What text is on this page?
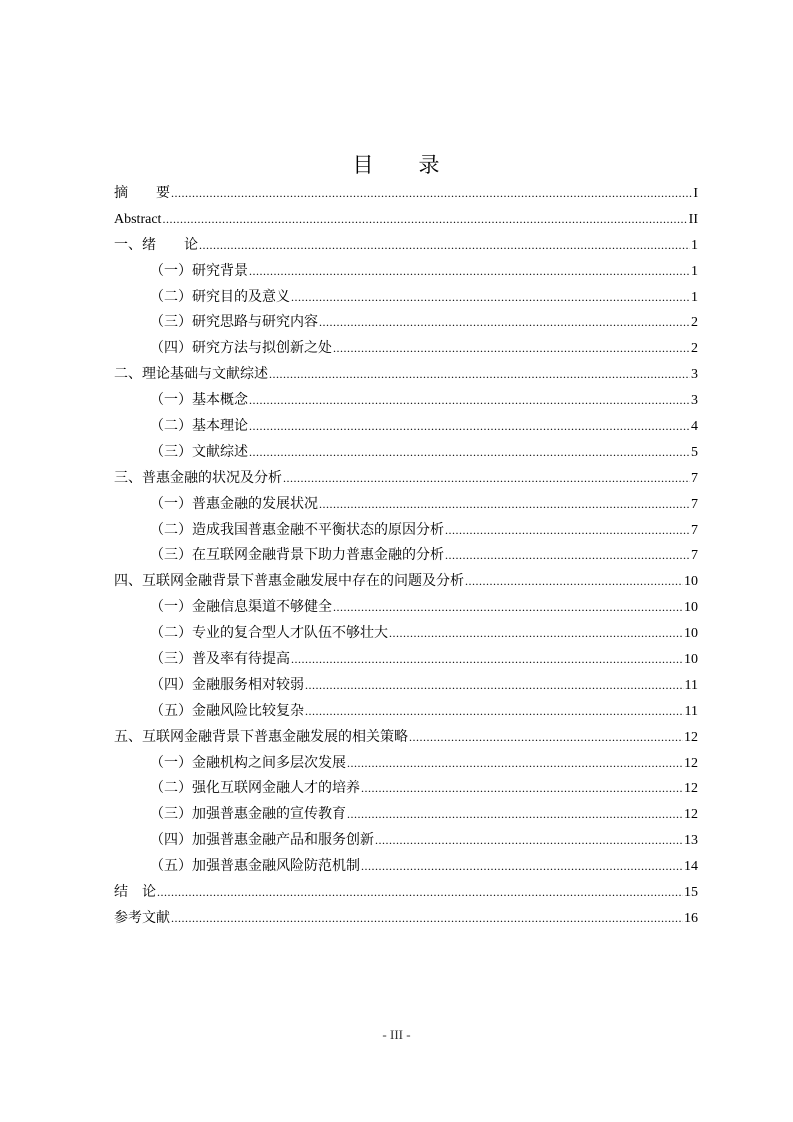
目　　录
摘　　要 .....	I
Abstract .....	II
一、绪　　论 .....	1
（一）研究背景 .....	1
（二）研究目的及意义 .....	1
（三）研究思路与研究内容 .....	2
（四）研究方法与拟创新之处 .....	2
二、理论基础与文献综述 .....	3
（一）基本概念 .....	3
（二）基本理论 .....	4
（三）文献综述 .....	5
三、普惠金融的状况及分析 .....	7
（一）普惠金融的发展状况 .....	7
（二）造成我国普惠金融不平衡状态的原因分析 .....	7
（三）在互联网金融背景下助力普惠金融的分析 .....	7
四、互联网金融背景下普惠金融发展中存在的问题及分析 .....	10
（一）金融信息渠道不够健全 .....	10
（二）专业的复合型人才队伍不够壮大 .....	10
（三）普及率有待提高 .....	10
（四）金融服务相对较弱 .....	11
（五）金融风险比较复杂 .....	11
五、互联网金融背景下普惠金融发展的相关策略 .....	12
（一）金融机构之间多层次发展 .....	12
（二）强化互联网金融人才的培养 .....	12
（三）加强普惠金融的宣传教育 .....	12
（四）加强普惠金融产品和服务创新 .....	13
（五）加强普惠金融风险防范机制 .....	14
结　论 .....	15
参考文献 .....	16
- III -
